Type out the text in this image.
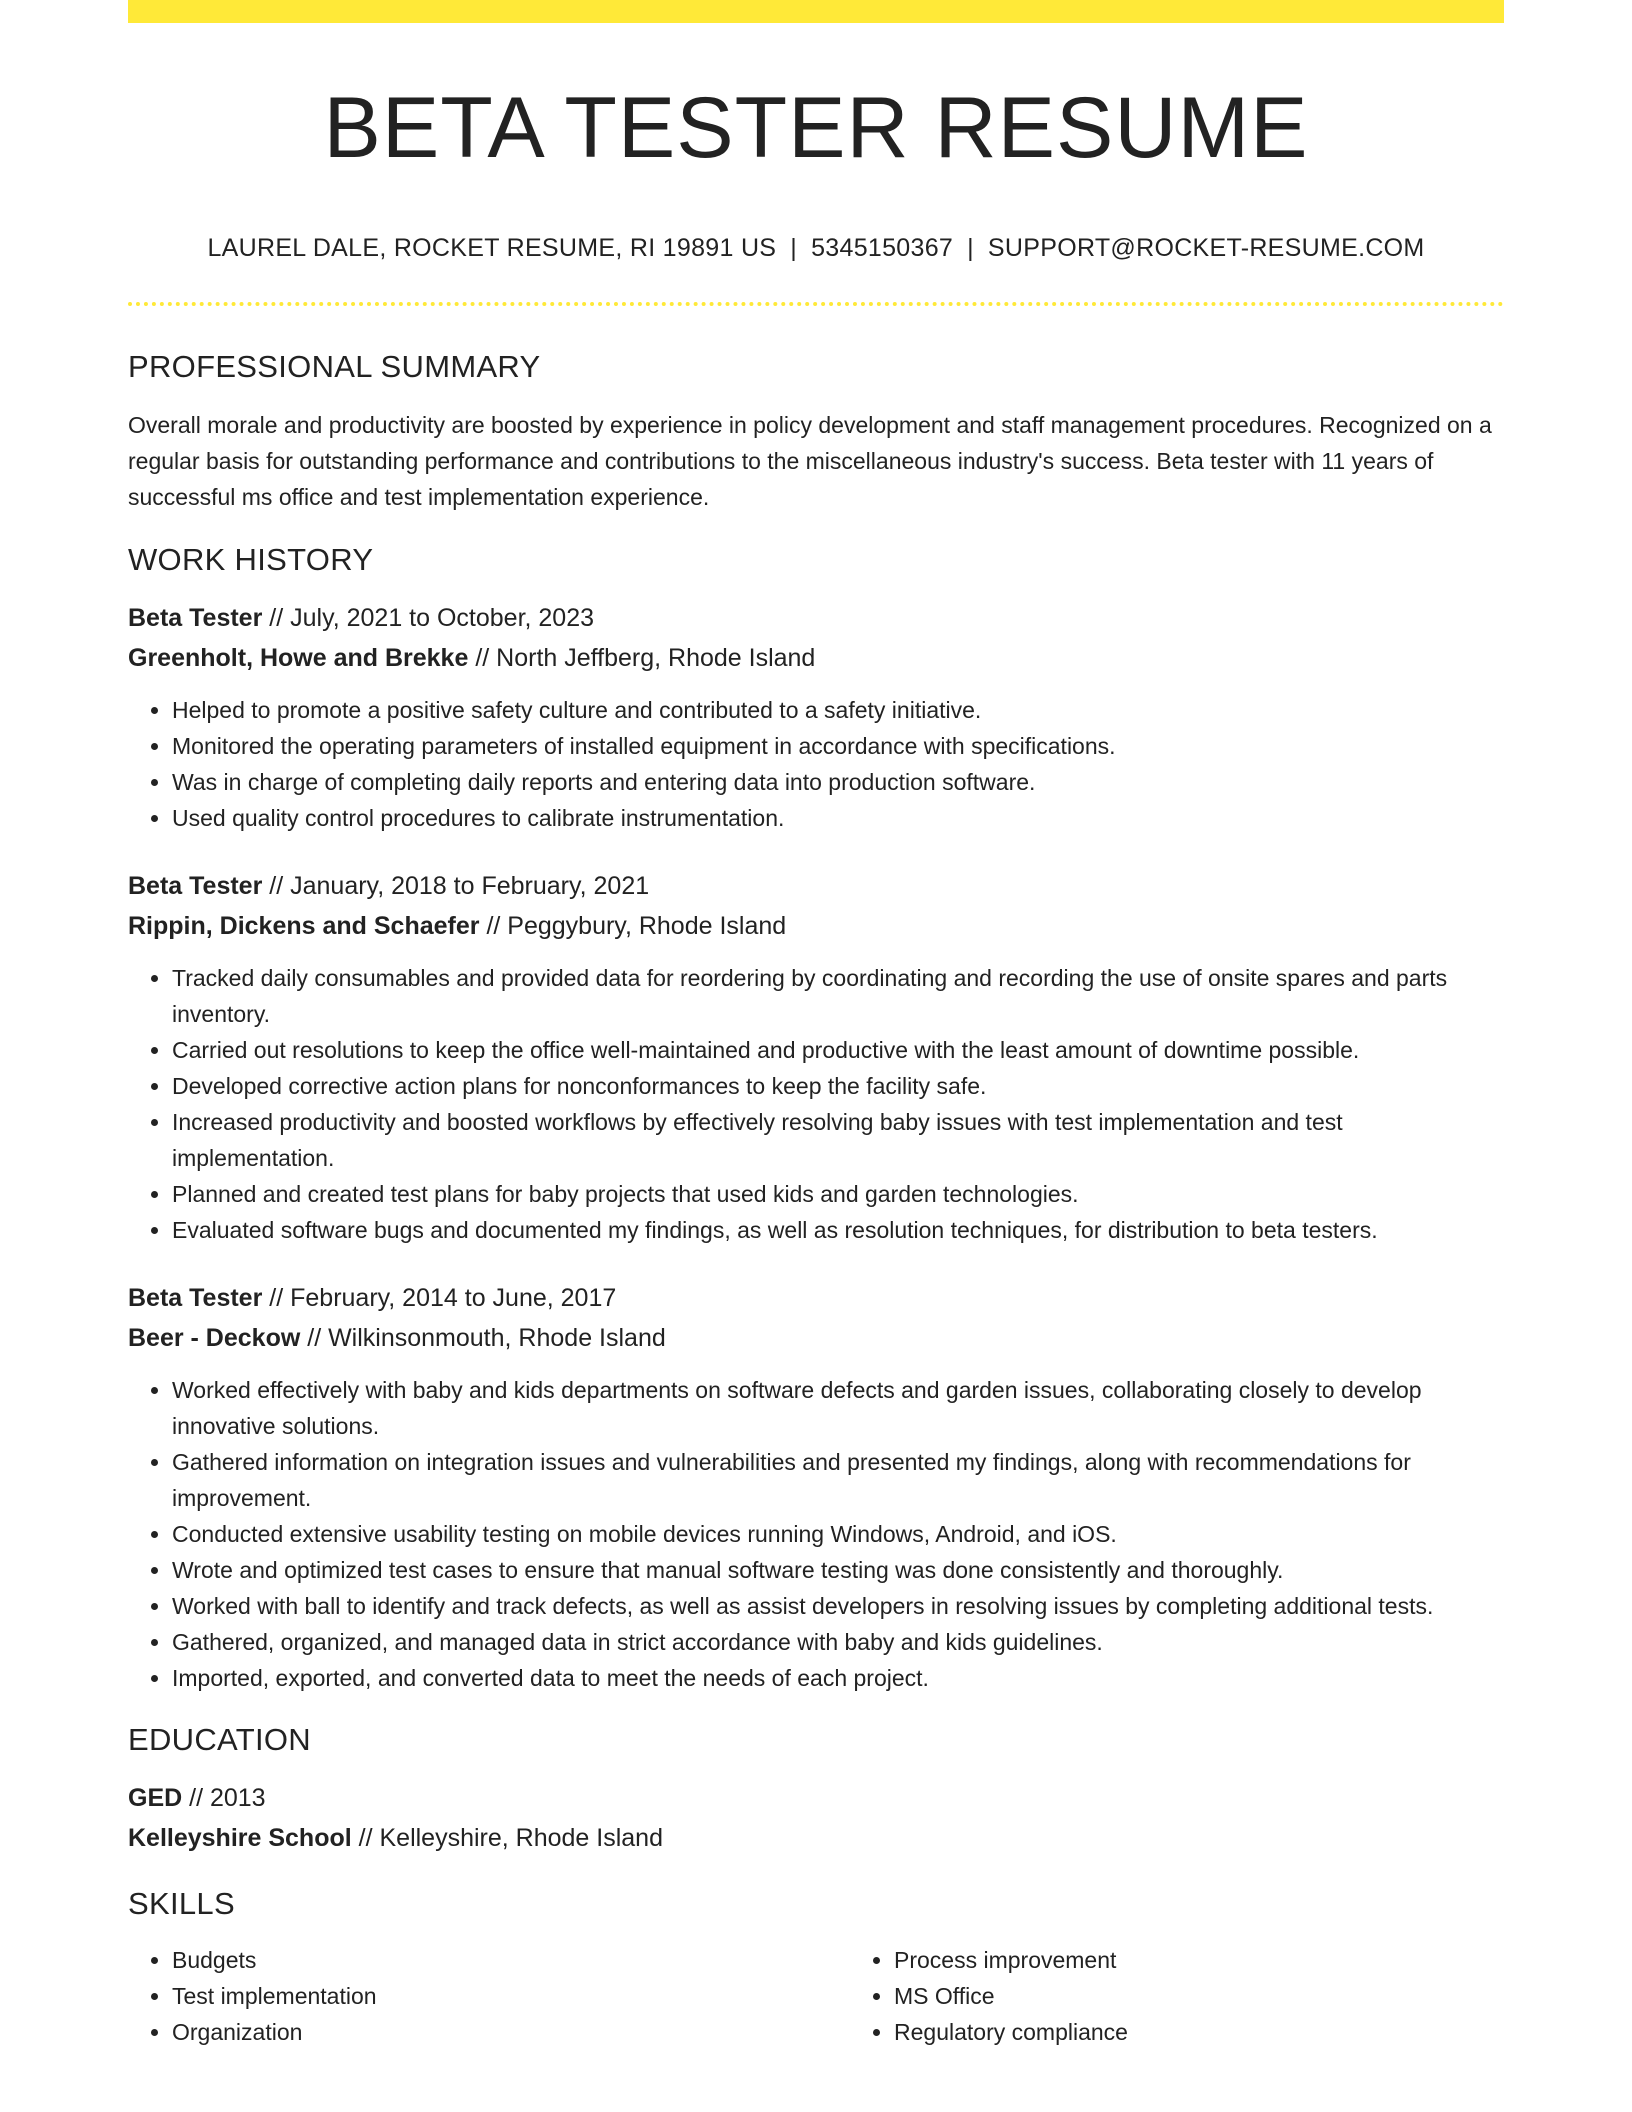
BETA TESTER RESUME
LAUREL DALE, ROCKET RESUME, RI 19891 US | 5345150367 | SUPPORT@ROCKET-RESUME.COM
PROFESSIONAL SUMMARY

Overall morale and productivity are boosted by experience in policy development and staff management procedures. Recognized on a regular basis for outstanding performance and contributions to the miscellaneous industry's success. Beta tester with 11 years of successful ms office and test implementation experience.

WORK HISTORY
Beta Tester // July, 2021 to October, 2023
Greenholt, Howe and Brekke // North Jeffberg, Rhode Island
• Helped to promote a positive safety culture and contributed to a safety initiative.
• Monitored the operating parameters of installed equipment in accordance with specifications.
• Was in charge of completing daily reports and entering data into production software.
• Used quality control procedures to calibrate instrumentation.
Beta Tester // January, 2018 to February, 2021
Rippin, Dickens and Schaefer // Peggybury, Rhode Island
• Tracked daily consumables and provided data for reordering by coordinating and recording the use of onsite spares and parts inventory.
• Carried out resolutions to keep the office well-maintained and productive with the least amount of downtime possible.
• Developed corrective action plans for nonconformances to keep the facility safe.
• Increased productivity and boosted workflows by effectively resolving baby issues with test implementation and test implementation.
• Planned and created test plans for baby projects that used kids and garden technologies.
• Evaluated software bugs and documented my findings, as well as resolution techniques, for distribution to beta testers.
Beta Tester // February, 2014 to June, 2017
Beer - Deckow // Wilkinsonmouth, Rhode Island
• Worked effectively with baby and kids departments on software defects and garden issues, collaborating closely to develop innovative solutions.
• Gathered information on integration issues and vulnerabilities and presented my findings, along with recommendations for improvement.
• Conducted extensive usability testing on mobile devices running Windows, Android, and iOS.
• Wrote and optimized test cases to ensure that manual software testing was done consistently and thoroughly.
• Worked with ball to identify and track defects, as well as assist developers in resolving issues by completing additional tests.
• Gathered, organized, and managed data in strict accordance with baby and kids guidelines.
• Imported, exported, and converted data to meet the needs of each project.
EDUCATION
GED // 2013
Kelleyshire School // Kelleyshire, Rhode Island
SKILLS
• Budgets
• Test implementation
• Organization
• Process improvement
• MS Office
• Regulatory compliance
